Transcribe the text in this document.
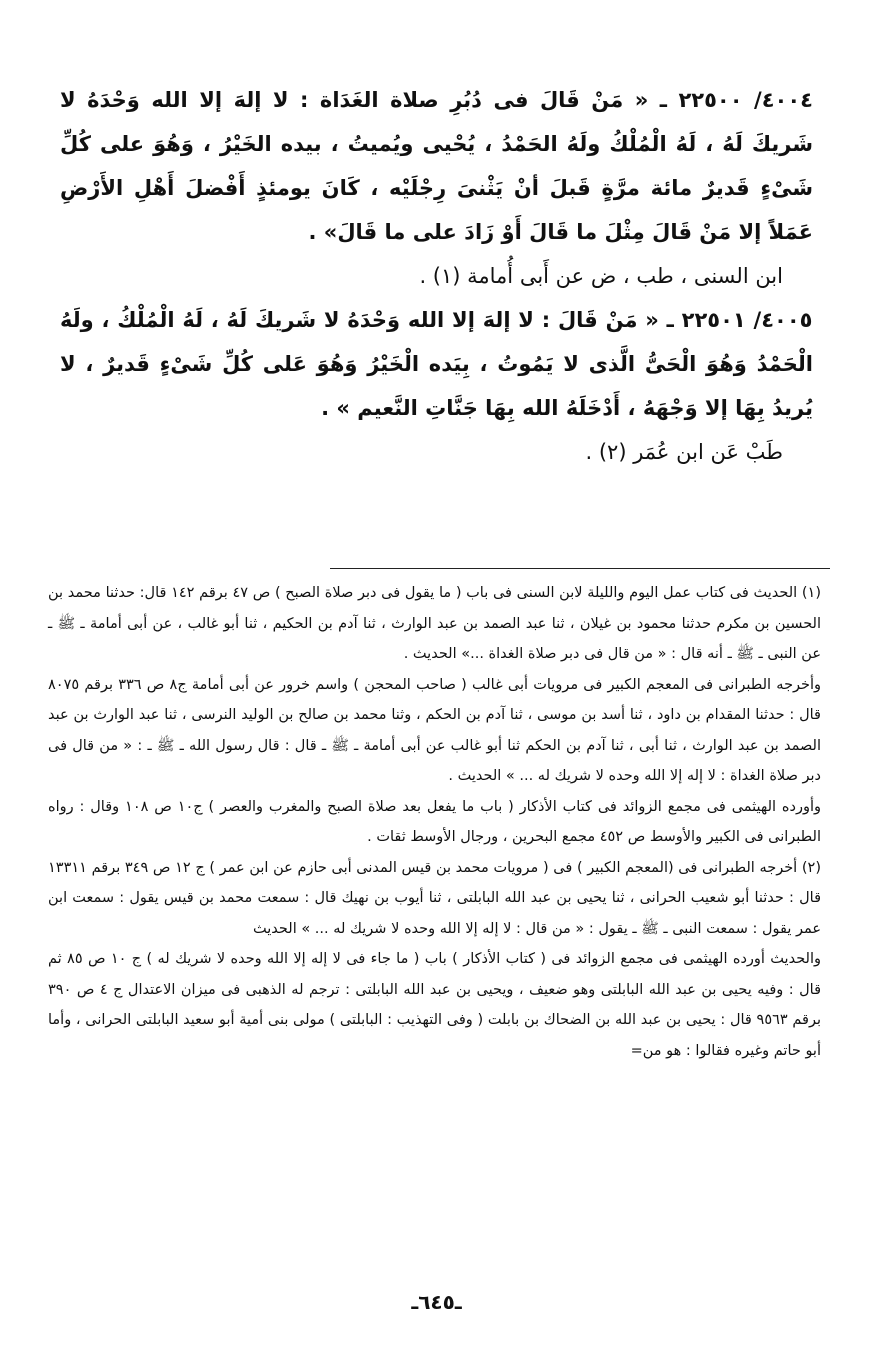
٤٠٠٤/ ٢٢٥٠٠ ـ « مَنْ قَالَ فى دُبُرِ صلاة الغَدَاة : لا إلهَ إلا الله وَحْدَهُ لا شَريكَ لَهُ ، لَهُ الْمُلْكُ ولَهُ الحَمْدُ ، يُحْيى ويُميتُ ، بيده الخَيْرُ ، وَهُوَ على كُلِّ شَىْءٍ قَديرٌ مائة مرَّةٍ قَبلَ أنْ يَثْنىَ رِجْلَيْه ، كَانَ يومئذٍ أَفْضلَ أَهْلِ الأَرْضِ عَمَلاً إلا مَنْ قَالَ مِثْلَ ما قَالَ أَوْ زَادَ على ما قَالَ» .

ابن السنى ، طب ، ض عن أَبى أُمامة (١) .

٤٠٠٥/ ٢٢٥٠١ ـ « مَنْ قَالَ : لا إلهَ إلا الله وَحْدَهُ لا شَريكَ لَهُ ، لَهُ الْمُلْكُ ، ولَهُ الْحَمْدُ وَهُوَ الْحَىُّ الَّذى لا يَمُوتُ ، بِيَده الْخَيْرُ وَهُوَ عَلى كُلِّ شَىْءٍ قَديرٌ ، لا يُريدُ بِهَا إلا وَجْهَهُ ، أَدْخَلَهُ الله بِهَا جَنَّاتِ النَّعيم » .

طَبْ عَن ابن عُمَر (٢) .

(١) الحديث فى كتاب عمل اليوم والليلة لابن السنى فى باب ( ما يقول فى دبر صلاة الصبح ) ص ٤٧ برقم ١٤٢ قال: حدثنا محمد بن الحسين بن مكرم حدثنا محمود بن غيلان ، ثنا عبد الصمد بن عبد الوارث ، ثنا آدم بن الحكيم ، ثنا أبو غالب ، عن أبى أمامة ـ ﷺ ـ عن النبى ـ ﷺ ـ أنه قال : « من قال فى دبر صلاة الغداة ...» الحديث .

وأخرجه الطبرانى فى المعجم الكبير فى مرويات أبى غالب ( صاحب المحجن ) واسم خرور عن أبى أمامة ج٨ ص ٣٣٦ برقم ٨٠٧٥ قال : حدثنا المقدام بن داود ، ثنا أسد بن موسى ، ثنا آدم بن الحكم ، وثنا محمد بن صالح بن الوليد النرسى ، ثنا عبد الوارث بن عبد الصمد بن عبد الوارث ، ثنا أبى ، ثنا آدم بن الحكم ثنا أبو غالب عن أبى أمامة ـ ﷺ ـ قال : قال رسول الله ـ ﷺ ـ : « من قال فى دبر صلاة الغداة : لا إله إلا الله وحده لا شريك له ... » الحديث .

وأورده الهيثمى فى مجمع الزوائد فى كتاب الأذكار ( باب ما يفعل بعد صلاة الصبح والمغرب والعصر ) ج١٠ ص ١٠٨ وقال : رواه الطبرانى فى الكبير والأوسط ص ٤٥٢ مجمع البحرين ، ورجال الأوسط ثقات .

(٢) أخرجه الطبرانى فى (المعجم الكبير ) فى ( مرويات محمد بن قيس المدنى أبى حازم عن ابن عمر ) ج ١٢ ص ٣٤٩ برقم ١٣٣١١ قال : حدثنا أبو شعيب الحرانى ، ثنا يحيى بن عبد الله البابلتى ، ثنا أيوب بن نهيك قال : سمعت محمد بن قيس يقول : سمعت ابن عمر يقول : سمعت النبى ـ ﷺ ـ يقول : « من قال : لا إله إلا الله وحده لا شريك له ... » الحديث

والحديث أورده الهيثمى فى مجمع الزوائد فى ( كتاب الأذكار ) باب ( ما جاء فى لا إله إلا الله وحده لا شريك له ) ج ١٠ ص ٨٥ ثم قال : وفيه يحيى بن عبد الله البابلتى وهو ضعيف ، ويحيى بن عبد الله البابلتى : ترجم له الذهبى فى ميزان الاعتدال ج ٤ ص ٣٩٠ برقم ٩٥٦٣ قال : يحيى بن عبد الله بن الضحاك بن بابلت ( وفى التهذيب : البابلتى ) مولى بنى أمية أبو سعيد البابلتى الحرانى ، وأما أبو حاتم وغيره فقالوا : هو من=

ـ٦٤٥ـ
